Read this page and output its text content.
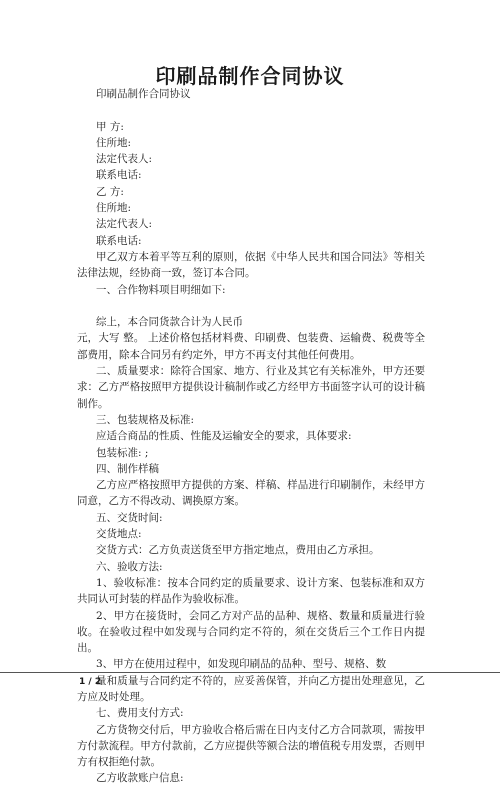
印刷品制作合同协议
印刷品制作合同协议
甲 方:
住所地:
法定代表人:
联系电话:
乙 方:
住所地:
法定代表人:
联系电话:
甲乙双方本着平等互利的原则，依据《中华人民共和国合同法》等相关法律法规，经协商一致，签订本合同。
一、合作物料项目明细如下:
综上，本合同货款合计为人民币
元，大写 整。 上述价格包括材料费、印刷费、包装费、运输费、税费等全部费用，除本合同另有约定外，甲方不再支付其他任何费用。
二、质量要求：除符合国家、地方、行业及其它有关标准外，甲方还要求：乙方严格按照甲方提供设计稿制作或乙方经甲方书面签字认可的设计稿制作。
三、包装规格及标准:
应适合商品的性质、性能及运输安全的要求，具体要求:
包装标准: ;
四、制作样稿
乙方应严格按照甲方提供的方案、样稿、样品进行印刷制作，未经甲方同意，乙方不得改动、调换原方案。
五、交货时间:
交货地点:
交货方式：乙方负责送货至甲方指定地点，费用由乙方承担。
六、验收方法:
1、验收标准：按本合同约定的质量要求、设计方案、包装标准和双方共同认可封装的样品作为验收标准。
2、甲方在接货时，会同乙方对产品的品种、规格、数量和质量进行验收。在验收过程中如发现与合同约定不符的，须在交货后三个工作日内提出。
3、甲方在使用过程中，如发现印刷品的品种、型号、规格、数
量和质量与合同约定不符的，应妥善保管，并向乙方提出处理意见，乙方应及时处理。
七、费用支付方式:
乙方货物交付后，甲方验收合格后需在日内支付乙方合同款项，需按甲方付款流程。甲方付款前，乙方应提供等额合法的增值税专用发票，否则甲方有权拒绝付款。
乙方收款账户信息:
1 / 2
